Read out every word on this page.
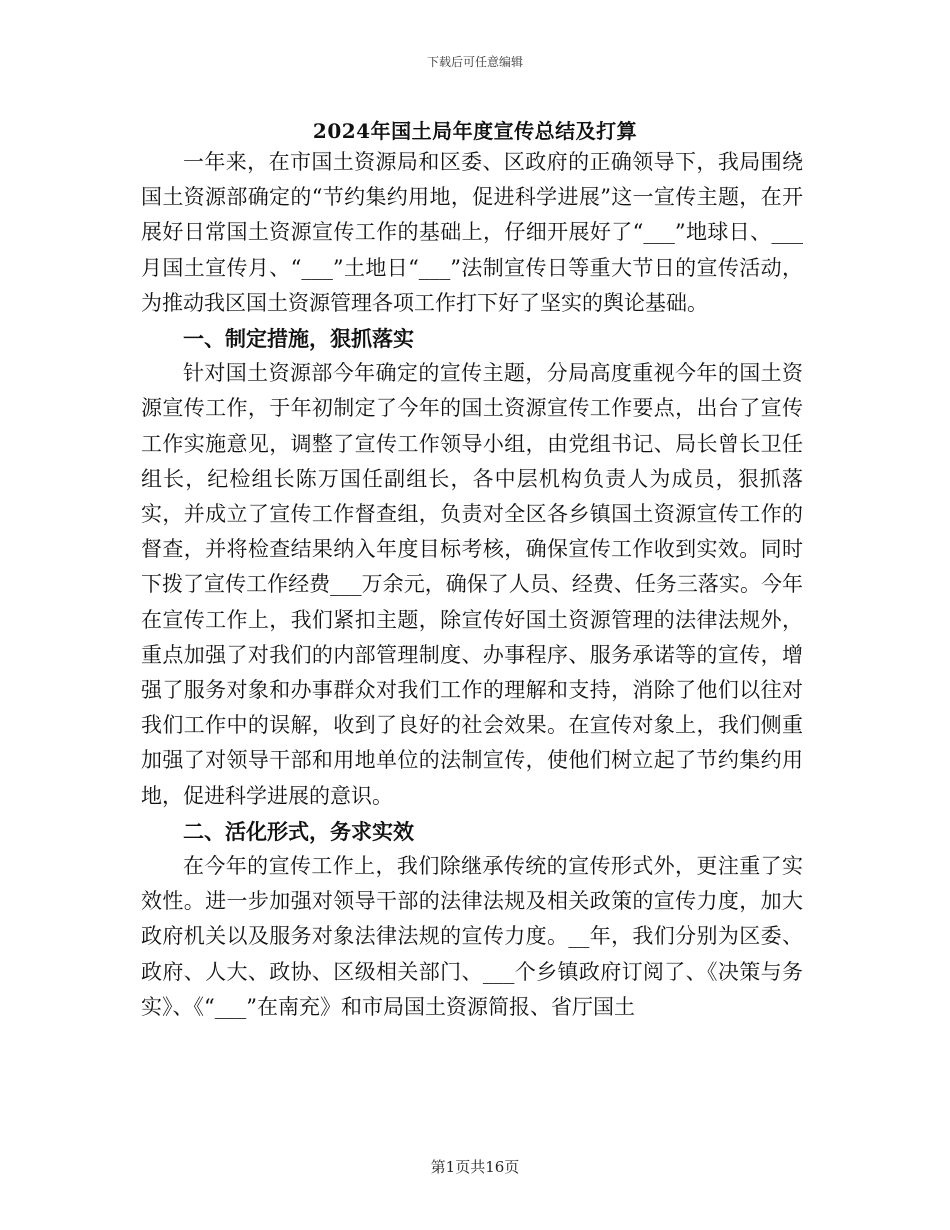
下载后可任意编辑
2024年国土局年度宣传总结及打算

一年来，在市国土资源局和区委、区政府的正确领导下，我局围绕国土资源部确定的“节约集约用地，促进科学进展”这一宣传主题，在开展好日常国土资源宣传工作的基础上，仔细开展好了“___”地球日、___月国土宣传月、“___”土地日“___”法制宣传日等重大节日的宣传活动，为推动我区国土资源管理各项工作打下好了坚实的舆论基础。

一、制定措施，狠抓落实

针对国土资源部今年确定的宣传主题，分局高度重视今年的国土资源宣传工作，于年初制定了今年的国土资源宣传工作要点，出台了宣传工作实施意见，调整了宣传工作领导小组，由党组书记、局长曾长卫任组长，纪检组长陈万国任副组长，各中层机构负责人为成员，狠抓落实，并成立了宣传工作督查组，负责对全区各乡镇国土资源宣传工作的督查，并将检查结果纳入年度目标考核，确保宣传工作收到实效。同时下拨了宣传工作经费___万余元，确保了人员、经费、任务三落实。今年在宣传工作上，我们紧扣主题，除宣传好国土资源管理的法律法规外，重点加强了对我们的内部管理制度、办事程序、服务承诺等的宣传，增强了服务对象和办事群众对我们工作的理解和支持，消除了他们以往对我们工作中的误解，收到了良好的社会效果。在宣传对象上，我们侧重加强了对领导干部和用地单位的法制宣传，使他们树立起了节约集约用地，促进科学进展的意识。

二、活化形式，务求实效

在今年的宣传工作上，我们除继承传统的宣传形式外，更注重了实效性。进一步加强对领导干部的法律法规及相关政策的宣传力度，加大政府机关以及服务对象法律法规的宣传力度。__年，我们分别为区委、政府、人大、政协、区级相关部门、___个乡镇政府订阅了、《决策与务实》、《“___”在南充》和市局国土资源简报、省厅国土

第1页共16页
